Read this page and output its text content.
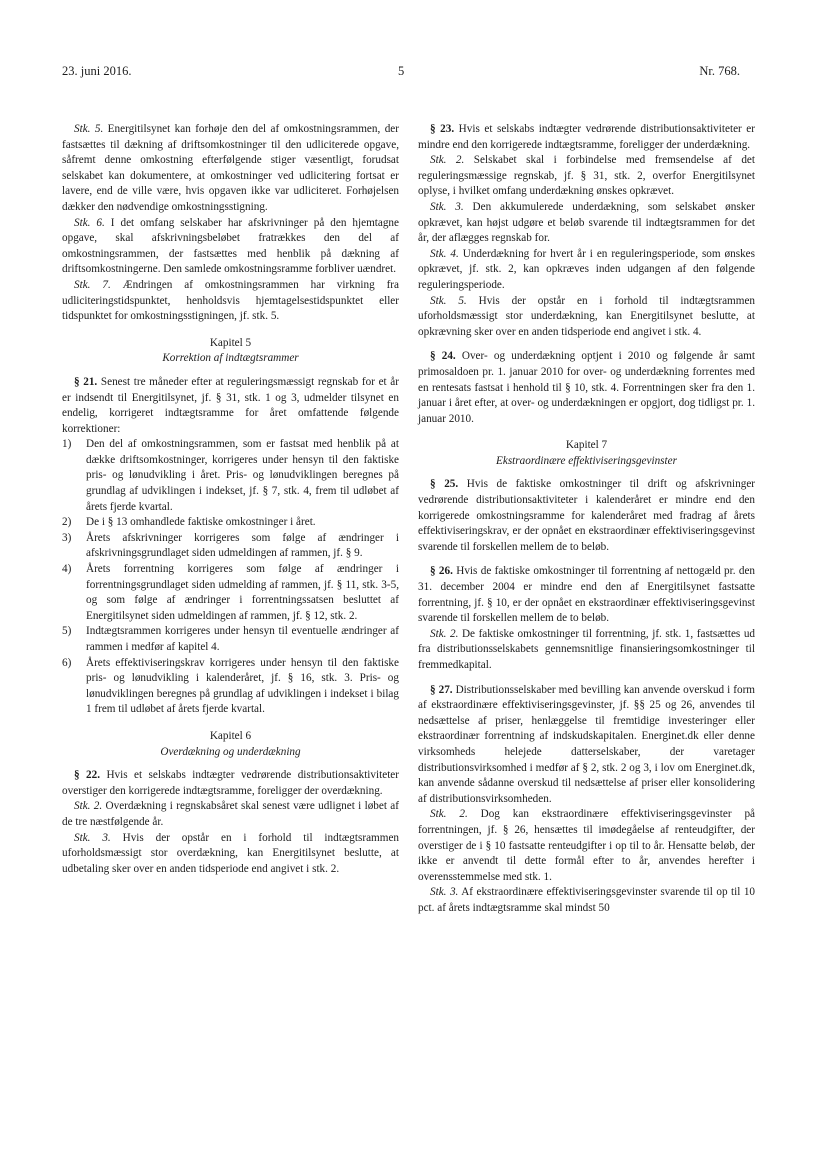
23. juni 2016.	5	Nr. 768.

Stk. 5. Energitilsynet kan forhøje den del af omkostningsrammen, der fastsættes til dækning af driftsomkostninger til den udliciterede opgave, såfremt denne omkostning efterfølgende stiger væsentligt, forudsat selskabet kan dokumentere, at omkostninger ved udlicitering fortsat er lavere, end de ville være, hvis opgaven ikke var udliciteret. Forhøjelsen dækker den nødvendige omkostningsstigning.

Stk. 6. I det omfang selskaber har afskrivninger på den hjemtagne opgave, skal afskrivningsbeløbet fratrækkes den del af omkostningsrammen, der fastsættes med henblik på dækning af driftsomkostningerne. Den samlede omkostningsramme forbliver uændret.

Stk. 7. Ændringen af omkostningsrammen har virkning fra udliciteringstidspunktet, henholdsvis hjemtagelsestidspunktet eller tidspunktet for omkostningsstigningen, jf. stk. 5.

Kapitel 5

Korrektion af indtægtsrammer

§ 21. Senest tre måneder efter at reguleringsmæssigt regnskab for et år er indsendt til Energitilsynet, jf. § 31, stk. 1 og 3, udmelder tilsynet en endelig, korrigeret indtægtsramme for året omfattende følgende korrektioner:

1)	Den del af omkostningsrammen, som er fastsat med henblik på at dække driftsomkostninger, korrigeres under hensyn til den faktiske pris- og lønudvikling i året. Pris- og lønudviklingen beregnes på grundlag af udviklingen i indekset, jf. § 7, stk. 4, frem til udløbet af årets fjerde kvartal.
2)	De i § 13 omhandlede faktiske omkostninger i året.
3)	Årets afskrivninger korrigeres som følge af ændringer i afskrivningsgrundlaget siden udmeldingen af rammen, jf. § 9.
4)	Årets forrentning korrigeres som følge af ændringer i forrentningsgrundlaget siden udmelding af rammen, jf. § 11, stk. 3-5, og som følge af ændringer i forrentningssatsen besluttet af Energitilsynet siden udmeldingen af rammen, jf. § 12, stk. 2.
5)	Indtægtsrammen korrigeres under hensyn til eventuelle ændringer af rammen i medfør af kapitel 4.
6)	Årets effektiviseringskrav korrigeres under hensyn til den faktiske pris- og lønudvikling i kalenderåret, jf. § 16, stk. 3. Pris- og lønudviklingen beregnes på grundlag af udviklingen i indekset i bilag 1 frem til udløbet af årets fjerde kvartal.

Kapitel 6

Overdækning og underdækning

§ 22. Hvis et selskabs indtægter vedrørende distributionsaktiviteter overstiger den korrigerede indtægtsramme, foreligger der overdækning.

Stk. 2. Overdækning i regnskabsåret skal senest være udlignet i løbet af de tre næstfølgende år.

Stk. 3. Hvis der opstår en i forhold til indtægtsrammen uforholdsmæssigt stor overdækning, kan Energitilsynet beslutte, at udbetaling sker over en anden tidsperiode end angivet i stk. 2.

§ 23. Hvis et selskabs indtægter vedrørende distributionsaktiviteter er mindre end den korrigerede indtægtsramme, foreligger der underdækning.

Stk. 2. Selskabet skal i forbindelse med fremsendelse af det reguleringsmæssige regnskab, jf. § 31, stk. 2, overfor Energitilsynet oplyse, i hvilket omfang underdækning ønskes opkrævet.

Stk. 3. Den akkumulerede underdækning, som selskabet ønsker opkrævet, kan højst udgøre et beløb svarende til indtægtsrammen for det år, der aflægges regnskab for.

Stk. 4. Underdækning for hvert år i en reguleringsperiode, som ønskes opkrævet, jf. stk. 2, kan opkræves inden udgangen af den følgende reguleringsperiode.

Stk. 5. Hvis der opstår en i forhold til indtægtsrammen uforholdsmæssigt stor underdækning, kan Energitilsynet beslutte, at opkrævning sker over en anden tidsperiode end angivet i stk. 4.

§ 24. Over- og underdækning optjent i 2010 og følgende år samt primosaldoen pr. 1. januar 2010 for over- og underdækning forrentes med en rentesats fastsat i henhold til § 10, stk. 4. Forrentningen sker fra den 1. januar i året efter, at over- og underdækningen er opgjort, dog tidligst pr. 1. januar 2010.

Kapitel 7

Ekstraordinære effektiviseringsgevinster

§ 25. Hvis de faktiske omkostninger til drift og afskrivninger vedrørende distributionsaktiviteter i kalenderåret er mindre end den korrigerede omkostningsramme for kalenderåret med fradrag af årets effektiviseringskrav, er der opnået en ekstraordinær effektiviseringsgevinst svarende til forskellen mellem de to beløb.

§ 26. Hvis de faktiske omkostninger til forrentning af nettogæld pr. den 31. december 2004 er mindre end den af Energitilsynet fastsatte forrentning, jf. § 10, er der opnået en ekstraordinær effektiviseringsgevinst svarende til forskellen mellem de to beløb.

Stk. 2. De faktiske omkostninger til forrentning, jf. stk. 1, fastsættes ud fra distributionsselskabets gennemsnitlige finansieringsomkostninger til fremmedkapital.

§ 27. Distributionsselskaber med bevilling kan anvende overskud i form af ekstraordinære effektiviseringsgevinster, jf. §§ 25 og 26, anvendes til nedsættelse af priser, henlæggelse til fremtidige investeringer eller ekstraordinær forrentning af indskudskapitalen. Energinet.dk eller denne virksomheds helejede datterselskaber, der varetager distributionsvirksomhed i medfør af § 2, stk. 2 og 3, i lov om Energinet.dk, kan anvende sådanne overskud til nedsættelse af priser eller konsolidering af distributionsvirksomheden.

Stk. 2. Dog kan ekstraordinære effektiviseringsgevinster på forrentningen, jf. § 26, hensættes til imødegåelse af renteudgifter, der overstiger de i § 10 fastsatte renteudgifter i op til to år. Hensatte beløb, der ikke er anvendt til dette formål efter to år, anvendes herefter i overensstemmelse med stk. 1.

Stk. 3. Af ekstraordinære effektiviseringsgevinster svarende til op til 10 pct. af årets indtægtsramme skal mindst 50
